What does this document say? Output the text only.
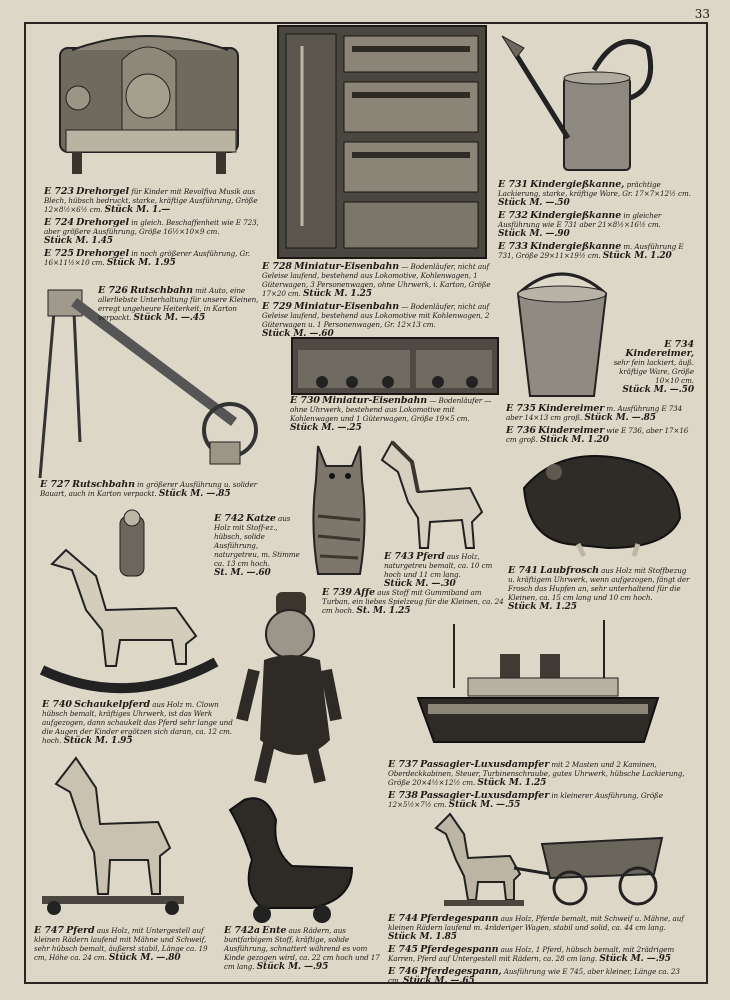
33

E 723 Drehorgel für Kinder mit Revolfiva Musik aus Blech, hübsch bedruckt, starke, kräftige Ausführung, Größe 12×8½×6½ cm. Stück M. 1.—

E 724 Drehorgel in gleich. Beschaffenheit wie E 723, aber größere Ausführung, Größe 16½×10×9 cm. Stück M. 1.45

E 725 Drehorgel in noch größerer Ausführung, Gr. 16×11½×10 cm. Stück M. 1.95

E 726 Rutschbahn mit Auto, eine allerliebste Unterhaltung für unsere Kleinen, erregt ungeheure Heiterkeit, in Karton verpackt. Stück M. —.45

E 727 Rutschbahn in größerer Ausführung u. solider Bauart, auch in Karton verpackt. Stück M. —.85

E 728 Miniatur-Eisenbahn — Bodenläufer, nicht auf Geleise laufend, bestehend aus Lokomotive, Kohlenwagen, 1 Güterwagen, 3 Personenwagen, ohne Uhrwerk, i. Karton, Größe 17×20 cm. Stück M. 1.25

E 729 Miniatur-Eisenbahn — Bodenläufer, nicht auf Geleise laufend, bestehend aus Lokomotive mit Kohlenwagen, 2 Güterwagen u. 1 Personenwagen, Gr. 12×13 cm. Stück M. —.60

E 730 Miniatur-Eisenbahn — Bodenläufer — ohne Uhrwerk, bestehend aus Lokomotive mit Kohlenwagen und 1 Güterwagen, Größe 19×5 cm. Stück M. —.25

E 731 Kindergießkanne, prächtige Lackierung, starke, kräftige Ware, Gr. 17×7×12½ cm. Stück M. —.50

E 732 Kindergießkanne in gleicher Ausführung wie E 731 aber 21×8½×16½ cm. Stück M. —.90

E 733 Kindergießkanne m. Ausführung E 731, Größe 29×11×19½ cm. Stück M. 1.20

E 734
Kindereimer, sehr fein lackiert, äuß. kräftige Ware, Größe 10×10 cm. Stück M. —.50

E 735 Kindereimer m. Ausführung E 734 aber 14×13 cm groß. Stück M. —.85

E 736 Kindereimer wie E 736, aber 17×16 cm groß. Stück M. 1.20

E 742 Katze aus Holz mit Stoff-ez., hübsch, solide Ausführung, naturgetreu, m. Stimme ca. 13 cm hoch. St. M. —.60

E 743 Pferd aus Holz, naturgetreu bemalt, ca. 10 cm hoch und 11 cm lang. Stück M. —.30

E 739 Affe aus Stoff mit Gummiband am Turban, ein liebes Spielzeug für die Kleinen, ca. 24 cm hoch. St. M. 1.25

E 741 Laubfrosch aus Holz mit Stoffbezug u. kräftigem Uhrwerk, wenn aufgezogen, fängt der Frosch das Hupfen an, sehr unterhaltend für die Kleinen, ca. 15 cm lang und 10 cm hoch. Stück M. 1.25

E 740 Schaukelpferd aus Holz m. Clown hübsch bemalt, kräftiges Uhrwerk, ist das Werk aufgezogen, dann schaukelt das Pferd sehr lange und die Augen der Kinder ergötzen sich daran, ca. 12 cm. hoch. Stück M. 1.95

E 737 Passagier-Luxusdampfer mit 2 Masten und 2 Kaminen, Oberdeckkabinen, Steuer, Turbinenschraube, gutes Uhrwerk, hübsche Lackierung, Größe 20×4½×12½ cm. Stück M. 1.25

E 738 Passagier-Luxusdampfer in kleinerer Ausführung, Größe 12×5½×7½ cm. Stück M. —.55

E 747 Pferd aus Holz, mit Untergestell auf kleinen Rädern laufend mit Mähne und Schweif, sehr hübsch bemalt, äußerst stabil, Länge ca. 19 cm, Höhe ca. 24 cm. Stück M. —.80

E 742a Ente aus Rädern, aus buntfarbigem Stoff, kräftige, solide Ausführung, schnattert während es vom Kinde gezogen wird, ca. 22 cm hoch und 17 cm lang. Stück M. —.95

E 744 Pferdegespann aus Holz, Pferde bemalt, mit Schweif u. Mähne, auf kleinen Rädern laufend m. 4räderiger Wagen, stabil und solid, ca. 44 cm lang. Stück M. 1.85

E 745 Pferdegespann aus Holz, 1 Pferd, hübsch bemalt, mit 2rädrigem Karren, Pferd auf Untergestell mit Rädern, ca. 28 cm lang. Stück M. —.95

E 746 Pferdegespann, Ausführung wie E 745, aber kleiner, Länge ca. 23 cm. Stück M. —.65
